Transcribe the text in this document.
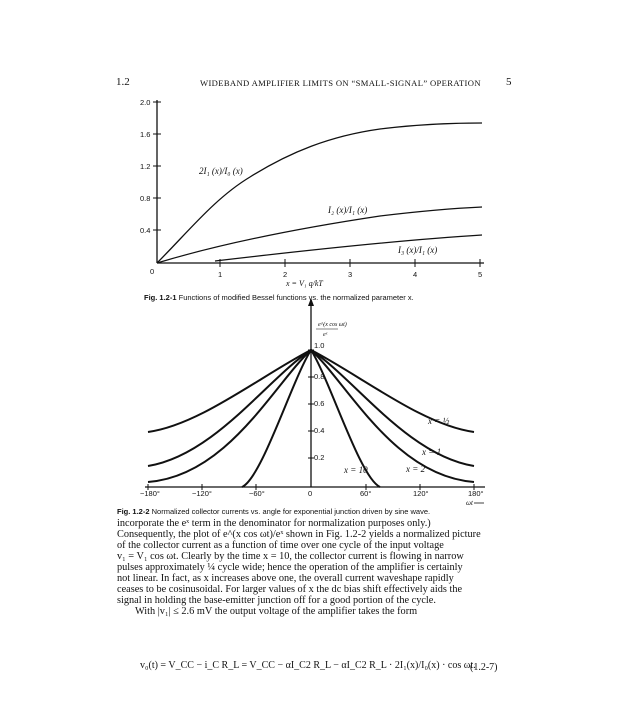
1.2	WIDEBAND AMPLIFIER LIMITS ON “SMALL-SIGNAL” OPERATION 5
2.0
1.6
1.2
0.8
0.4
0	1	2	3	4	5
x = V₁ q/kT
2I₁ (x)/I₀ (x)
I₂ (x)/I₁ (x)
I₃ (x)/I₁ (x)
e^(x cos ωt)
eˣ
1.0
0.8
0.6
0.4
0.2
−180°	−120°	−60°	0	60°	120°	180°
ωt
x = ½
x = 1
x = 2
x = 10
Fig. 1.2-1 Functions of modified Bessel functions vs. the normalized parameter x.
Fig. 1.2-2 Normalized collector currents vs. angle for exponential junction driven by sine wave.

incorporate the eˣ term in the denominator for normalization purposes only.)

Consequently, the plot of e^(x cos ωt)/eˣ shown in Fig. 1.2-2 yields a normalized picture

of the collector current as a function of time over one cycle of the input voltage

v₁ = V₁ cos ωt. Clearly by the time x = 10, the collector current is flowing in narrow

pulses approximately ¼ cycle wide; hence the operation of the amplifier is certainly

not linear. In fact, as x increases above one, the overall current waveshape rapidly

ceases to be cosinusoidal. For larger values of x the dc bias shift effectively aids the

signal in holding the base-emitter junction off for a good portion of the cycle.

With |v₁| ≤ 2.6 mV the output voltage of the amplifier takes the form

v₀(t) = V_CC − i_C R_L = V_CC − αI_C2 R_L − αI_C2 R_L · 2I₁(x)/I₀(x) · cos ωt.
(1.2-7)
